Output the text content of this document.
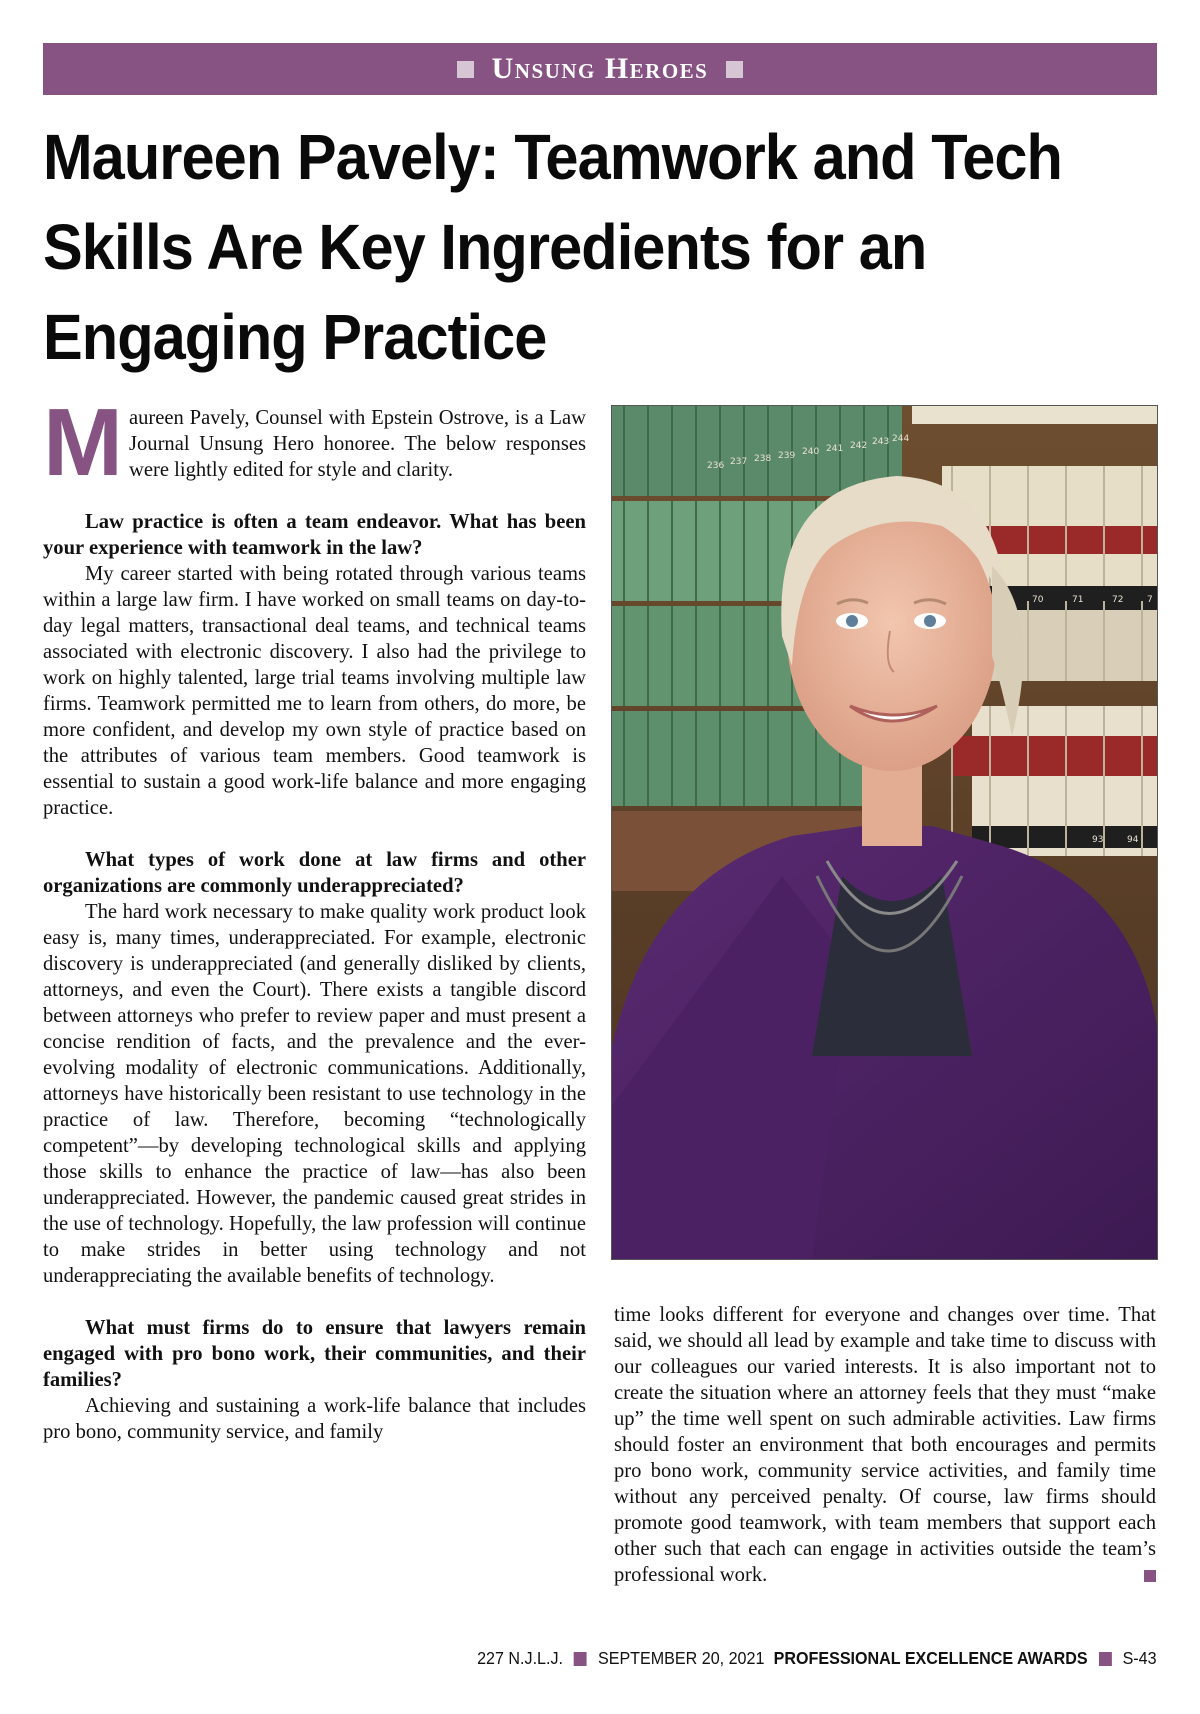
Unsung Heroes
Maureen Pavely: Teamwork and Tech
Skills Are Key Ingredients for an
Engaging Practice

Maureen Pavely, Counsel with Epstein Ostrove, is a Law Journal Unsung Hero honoree. The below responses were lightly edited for style and clarity.

Law practice is often a team endeavor. What has been your experience with teamwork in the law?

My career started with being rotated through various teams within a large law firm. I have worked on small teams on day-to-day legal matters, transactional deal teams, and technical teams associated with electronic discovery. I also had the privilege to work on highly talented, large trial teams involving multiple law firms. Teamwork permitted me to learn from others, do more, be more confident, and develop my own style of practice based on the attributes of various team members. Good teamwork is essential to sustain a good work-life balance and more engaging practice.

What types of work done at law firms and other organizations are commonly underappreciated?

The hard work necessary to make quality work product look easy is, many times, underappreciated. For example, electronic discovery is underappreciated (and generally disliked by clients, attorneys, and even the Court). There exists a tangible discord between attorneys who prefer to review paper and must present a concise rendition of facts, and the prevalence and the ever-evolving modality of electronic communications. Additionally, attorneys have historically been resistant to use technology in the practice of law. Therefore, becoming “technologically competent”—by developing technological skills and applying those skills to enhance the practice of law—has also been underappreciated. However, the pandemic caused great strides in the use of technology. Hopefully, the law profession will continue to make strides in better using technology and not underappreciating the available benefits of technology.

What must firms do to ensure that lawyers remain engaged with pro bono work, their communities, and their families?

Achieving and sustaining a work-life balance that includes pro bono, community service, and family

236 237 238 239 240 241 242 243 244
70	71	72	7
93	94

time looks different for everyone and changes over time. That said, we should all lead by example and take time to discuss with our colleagues our varied interests. It is also important not to create the situation where an attorney feels that they must “make up” the time well spent on such admirable activities. Law firms should foster an environment that both encourages and permits pro bono work, community service activities, and family time without any perceived penalty. Of course, law firms should promote good teamwork, with team members that support each other such that each can engage in activities outside the team’s professional work.

227 N.J.L.J. SEPTEMBER 20, 2021 PROFESSIONAL EXCELLENCE AWARDS S-43
